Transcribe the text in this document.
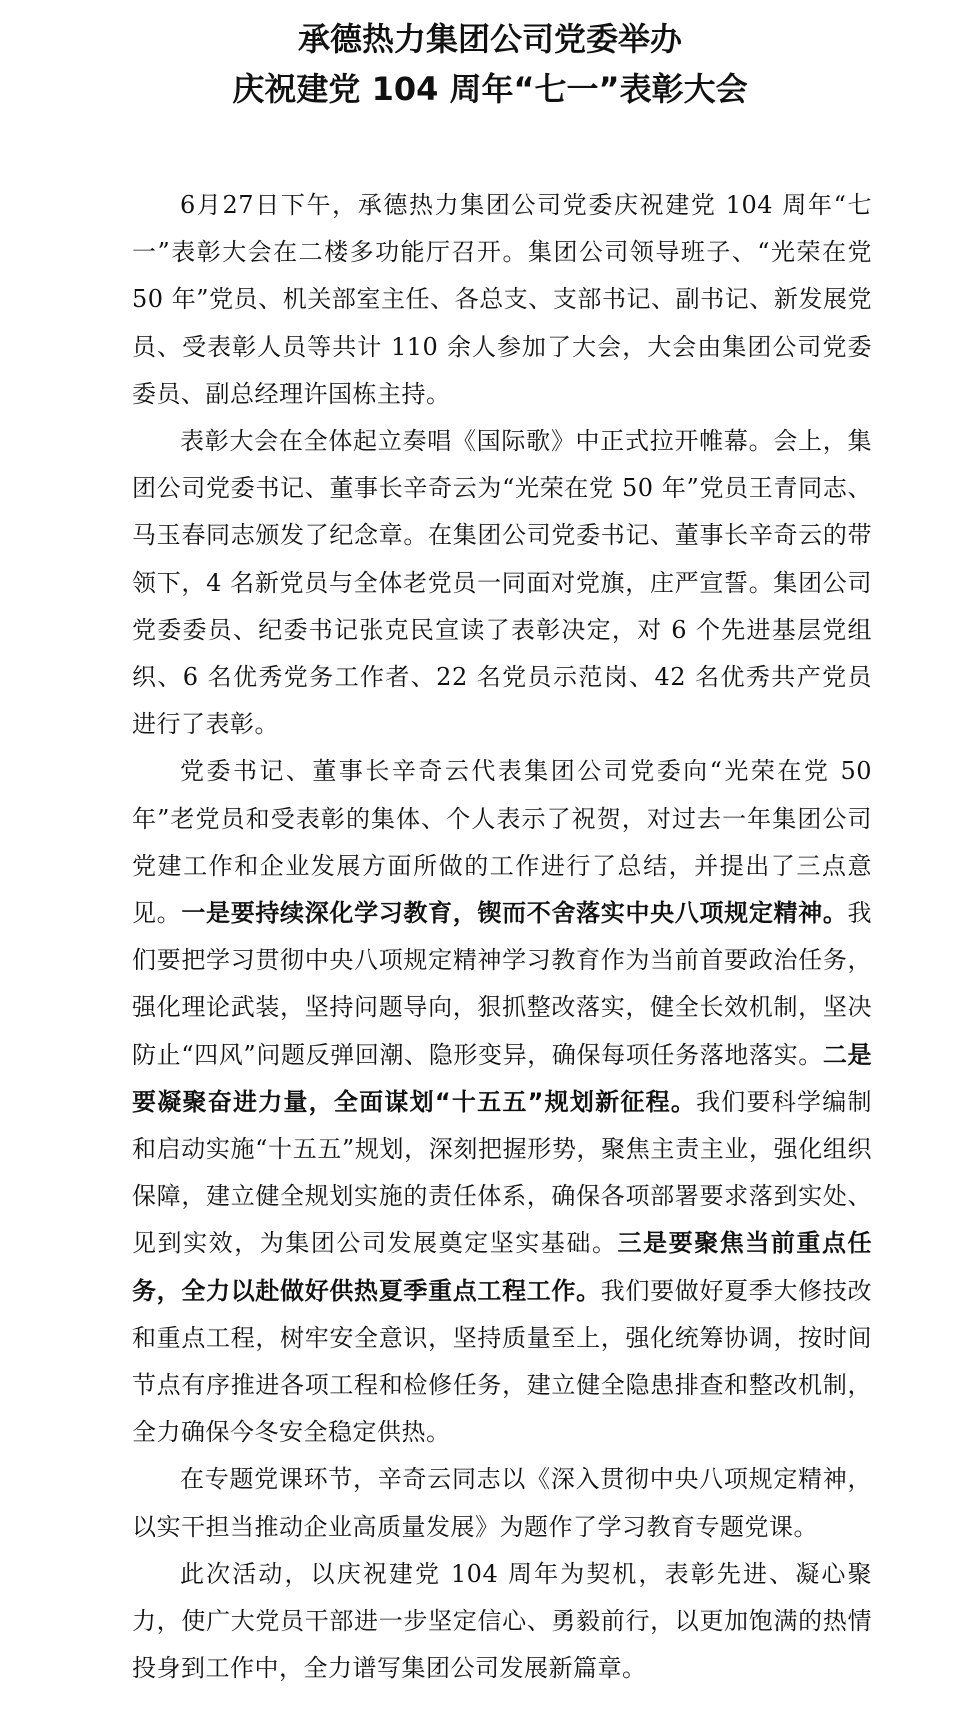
承德热力集团公司党委举办
庆祝建党 104 周年“七一”表彰大会

6月27日下午，承德热力集团公司党委庆祝建党 104 周年“七一”表彰大会在二楼多功能厅召开。集团公司领导班子、“光荣在党 50 年”党员、机关部室主任、各总支、支部书记、副书记、新发展党员、受表彰人员等共计 110 余人参加了大会，大会由集团公司党委委员、副总经理许国栋主持。

表彰大会在全体起立奏唱《国际歌》中正式拉开帷幕。会上，集团公司党委书记、董事长辛奇云为“光荣在党 50 年”党员王青同志、马玉春同志颁发了纪念章。在集团公司党委书记、董事长辛奇云的带领下，4 名新党员与全体老党员一同面对党旗，庄严宣誓。集团公司党委委员、纪委书记张克民宣读了表彰决定，对 6 个先进基层党组织、6 名优秀党务工作者、22 名党员示范岗、42 名优秀共产党员进行了表彰。

党委书记、董事长辛奇云代表集团公司党委向“光荣在党 50 年”老党员和受表彰的集体、个人表示了祝贺，对过去一年集团公司党建工作和企业发展方面所做的工作进行了总结，并提出了三点意见。一是要持续深化学习教育，锲而不舍落实中央八项规定精神。我们要把学习贯彻中央八项规定精神学习教育作为当前首要政治任务，强化理论武装，坚持问题导向，狠抓整改落实，健全长效机制，坚决防止“四风”问题反弹回潮、隐形变异，确保每项任务落地落实。二是要凝聚奋进力量，全面谋划“十五五”规划新征程。我们要科学编制和启动实施“十五五”规划，深刻把握形势，聚焦主责主业，强化组织保障，建立健全规划实施的责任体系，确保各项部署要求落到实处、见到实效，为集团公司发展奠定坚实基础。三是要聚焦当前重点任务，全力以赴做好供热夏季重点工程工作。我们要做好夏季大修技改和重点工程，树牢安全意识，坚持质量至上，强化统筹协调，按时间节点有序推进各项工程和检修任务，建立健全隐患排查和整改机制，全力确保今冬安全稳定供热。

在专题党课环节，辛奇云同志以《深入贯彻中央八项规定精神，以实干担当推动企业高质量发展》为题作了学习教育专题党课。

此次活动，以庆祝建党 104 周年为契机，表彰先进、凝心聚力，使广大党员干部进一步坚定信心、勇毅前行，以更加饱满的热情投身到工作中，全力谱写集团公司发展新篇章。
